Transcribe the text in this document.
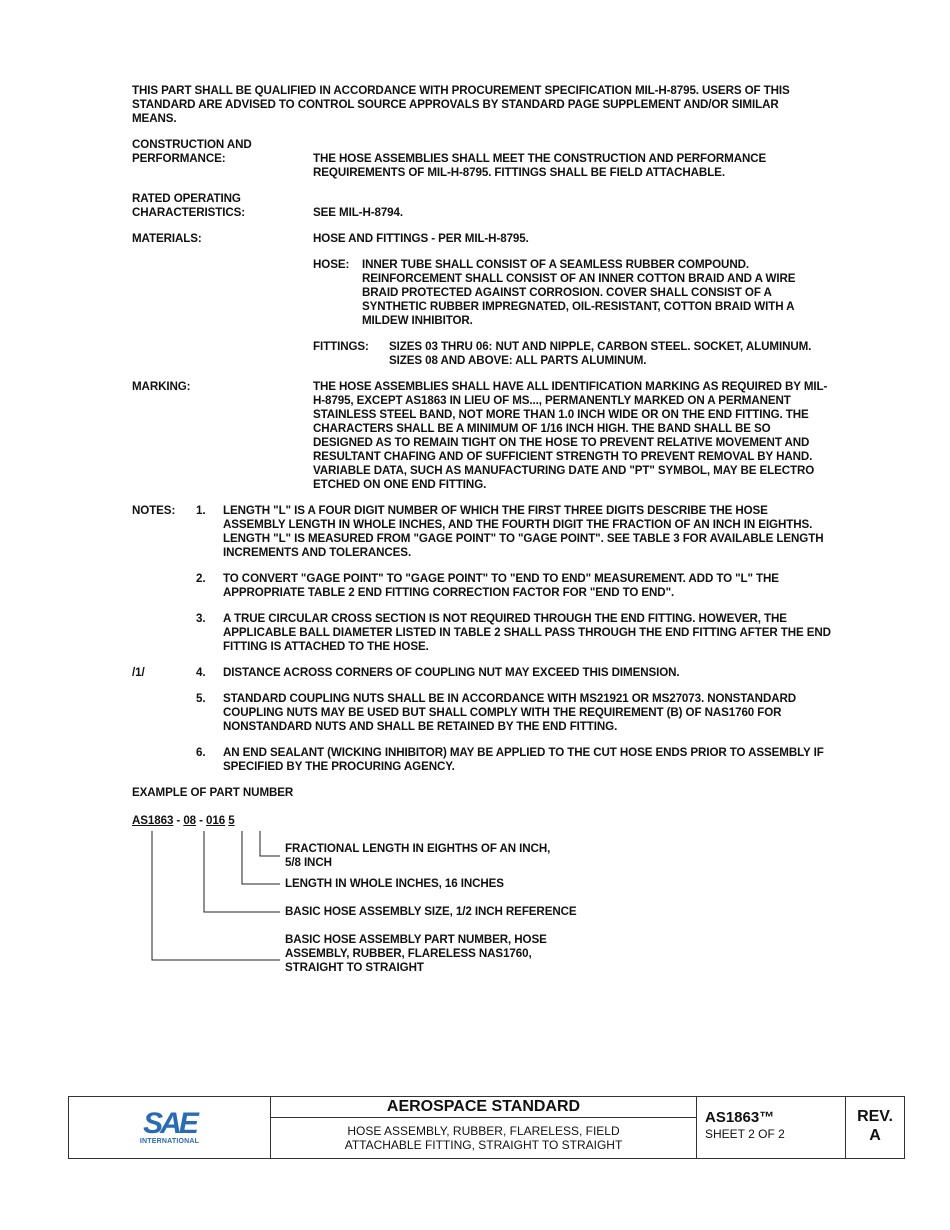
THIS PART SHALL BE QUALIFIED IN ACCORDANCE WITH PROCUREMENT SPECIFICATION MIL-H-8795. USERS OF THIS STANDARD ARE ADVISED TO CONTROL SOURCE APPROVALS BY STANDARD PAGE SUPPLEMENT AND/OR SIMILAR MEANS.

CONSTRUCTION AND
PERFORMANCE:	THE HOSE ASSEMBLIES SHALL MEET THE CONSTRUCTION AND PERFORMANCE REQUIREMENTS OF MIL-H-8795. FITTINGS SHALL BE FIELD ATTACHABLE.

RATED OPERATING
CHARACTERISTICS:	SEE MIL-H-8794.

MATERIALS:	HOSE AND FITTINGS - PER MIL-H-8795.

HOSE:	INNER TUBE SHALL CONSIST OF A SEAMLESS RUBBER COMPOUND. REINFORCEMENT SHALL CONSIST OF AN INNER COTTON BRAID AND A WIRE BRAID PROTECTED AGAINST CORROSION. COVER SHALL CONSIST OF A SYNTHETIC RUBBER IMPREGNATED, OIL-RESISTANT, COTTON BRAID WITH A MILDEW INHIBITOR.
FITTINGS:	SIZES 03 THRU 06: NUT AND NIPPLE, CARBON STEEL. SOCKET, ALUMINUM. SIZES 08 AND ABOVE: ALL PARTS ALUMINUM.
MARKING:	THE HOSE ASSEMBLIES SHALL HAVE ALL IDENTIFICATION MARKING AS REQUIRED BY MIL-H-8795, EXCEPT AS1863 IN LIEU OF MS..., PERMANENTLY MARKED ON A PERMANENT STAINLESS STEEL BAND, NOT MORE THAN 1.0 INCH WIDE OR ON THE END FITTING. THE CHARACTERS SHALL BE A MINIMUM OF 1/16 INCH HIGH. THE BAND SHALL BE SO DESIGNED AS TO REMAIN TIGHT ON THE HOSE TO PREVENT RELATIVE MOVEMENT AND RESULTANT CHAFING AND OF SUFFICIENT STRENGTH TO PREVENT REMOVAL BY HAND. VARIABLE DATA, SUCH AS MANUFACTURING DATE AND "PT" SYMBOL, MAY BE ELECTRO ETCHED ON ONE END FITTING.
NOTES:	1.	LENGTH "L" IS A FOUR DIGIT NUMBER OF WHICH THE FIRST THREE DIGITS DESCRIBE THE HOSE ASSEMBLY LENGTH IN WHOLE INCHES, AND THE FOURTH DIGIT THE FRACTION OF AN INCH IN EIGHTHS. LENGTH "L" IS MEASURED FROM "GAGE POINT" TO "GAGE POINT". SEE TABLE 3 FOR AVAILABLE LENGTH INCREMENTS AND TOLERANCES.
2.	TO CONVERT "GAGE POINT" TO "GAGE POINT" TO "END TO END" MEASUREMENT. ADD TO "L" THE APPROPRIATE TABLE 2 END FITTING CORRECTION FACTOR FOR "END TO END".
3.	A TRUE CIRCULAR CROSS SECTION IS NOT REQUIRED THROUGH THE END FITTING. HOWEVER, THE APPLICABLE BALL DIAMETER LISTED IN TABLE 2 SHALL PASS THROUGH THE END FITTING AFTER THE END FITTING IS ATTACHED TO THE HOSE.
/1/	4.	DISTANCE ACROSS CORNERS OF COUPLING NUT MAY EXCEED THIS DIMENSION.
5.	STANDARD COUPLING NUTS SHALL BE IN ACCORDANCE WITH MS21921 OR MS27073. NONSTANDARD COUPLING NUTS MAY BE USED BUT SHALL COMPLY WITH THE REQUIREMENT (B) OF NAS1760 FOR NONSTANDARD NUTS AND SHALL BE RETAINED BY THE END FITTING.
6.	AN END SEALANT (WICKING INHIBITOR) MAY BE APPLIED TO THE CUT HOSE ENDS PRIOR TO ASSEMBLY IF SPECIFIED BY THE PROCURING AGENCY.
EXAMPLE OF PART NUMBER
AS1863 - 08 - 016 5
FRACTIONAL LENGTH IN EIGHTHS OF AN INCH,
5/8 INCH
LENGTH IN WHOLE INCHES, 16 INCHES
BASIC HOSE ASSEMBLY SIZE, 1/2 INCH REFERENCE
BASIC HOSE ASSEMBLY PART NUMBER, HOSE
ASSEMBLY, RUBBER, FLARELESS NAS1760,
STRAIGHT TO STRAIGHT
SAE
INTERNATIONAL
AEROSPACE STANDARD
HOSE ASSEMBLY, RUBBER, FLARELESS, FIELD
ATTACHABLE FITTING, STRAIGHT TO STRAIGHT
AS1863™
SHEET 2 OF 2
REV.
A
